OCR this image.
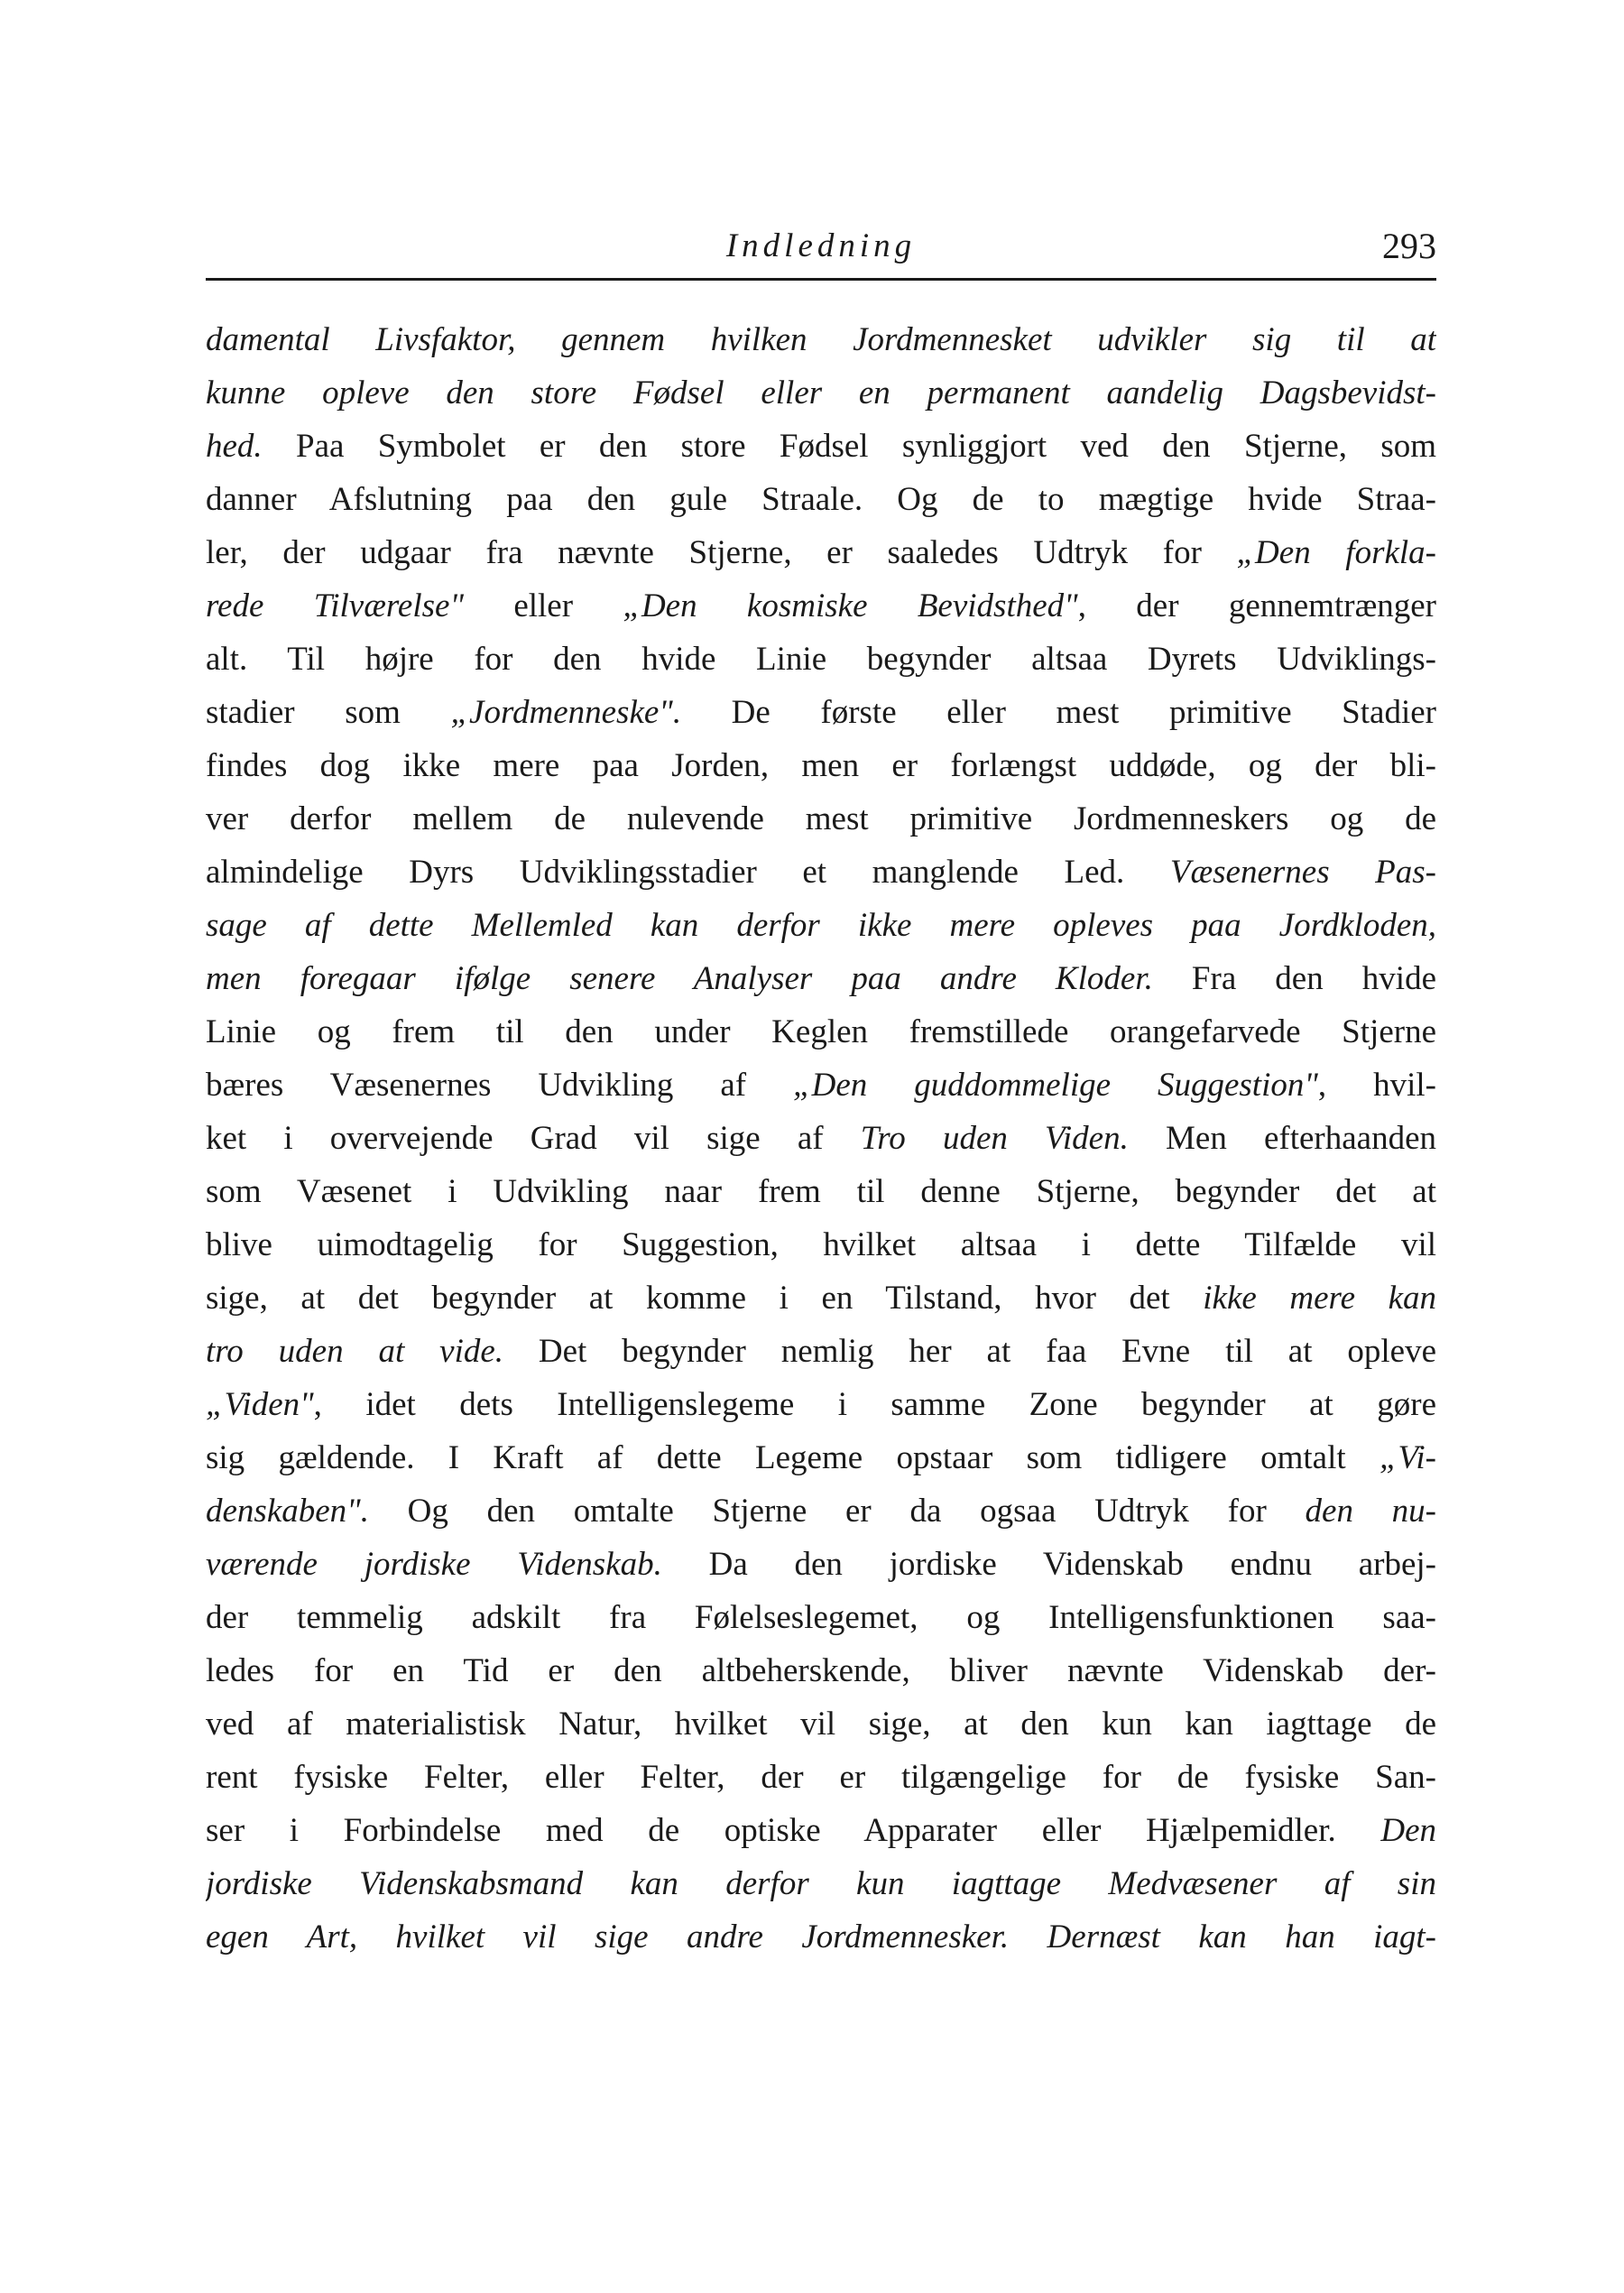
Indledning	293
damental Livsfaktor, gennem hvilken Jordmennesket udvikler sig til at
kunne opleve den store Fødsel eller en permanent aandelig Dagsbevidst-
hed. Paa Symbolet er den store Fødsel synliggjort ved den Stjerne, som
danner Afslutning paa den gule Straale. Og de to mægtige hvide Straa-
ler, der udgaar fra nævnte Stjerne, er saaledes Udtryk for „Den forkla-
rede Tilværelse" eller „Den kosmiske Bevidsthed", der gennemtrænger
alt. Til højre for den hvide Linie begynder altsaa Dyrets Udviklings-
stadier som „Jordmenneske". De første eller mest primitive Stadier
findes dog ikke mere paa Jorden, men er forlængst uddøde, og der bli-
ver derfor mellem de nulevende mest primitive Jordmenneskers og de
almindelige Dyrs Udviklingsstadier et manglende Led. Væsenernes Pas-
sage af dette Mellemled kan derfor ikke mere opleves paa Jordkloden,
men foregaar ifølge senere Analyser paa andre Kloder. Fra den hvide
Linie og frem til den under Keglen fremstillede orangefarvede Stjerne
bæres Væsenernes Udvikling af „Den guddommelige Suggestion", hvil-
ket i overvejende Grad vil sige af Tro uden Viden. Men efterhaanden
som Væsenet i Udvikling naar frem til denne Stjerne, begynder det at
blive uimodtagelig for Suggestion, hvilket altsaa i dette Tilfælde vil
sige, at det begynder at komme i en Tilstand, hvor det ikke mere kan
tro uden at vide. Det begynder nemlig her at faa Evne til at opleve
„Viden", idet dets Intelligenslegeme i samme Zone begynder at gøre
sig gældende. I Kraft af dette Legeme opstaar som tidligere omtalt „Vi-
denskaben". Og den omtalte Stjerne er da ogsaa Udtryk for den nu-
værende jordiske Videnskab. Da den jordiske Videnskab endnu arbej-
der temmelig adskilt fra Følelseslegemet, og Intelligensfunktionen saa-
ledes for en Tid er den altbeherskende, bliver nævnte Videnskab der-
ved af materialistisk Natur, hvilket vil sige, at den kun kan iagttage de
rent fysiske Felter, eller Felter, der er tilgængelige for de fysiske San-
ser i Forbindelse med de optiske Apparater eller Hjælpemidler. Den
jordiske Videnskabsmand kan derfor kun iagttage Medvæsener af sin
egen Art, hvilket vil sige andre Jordmennesker. Dernæst kan han iagt-
